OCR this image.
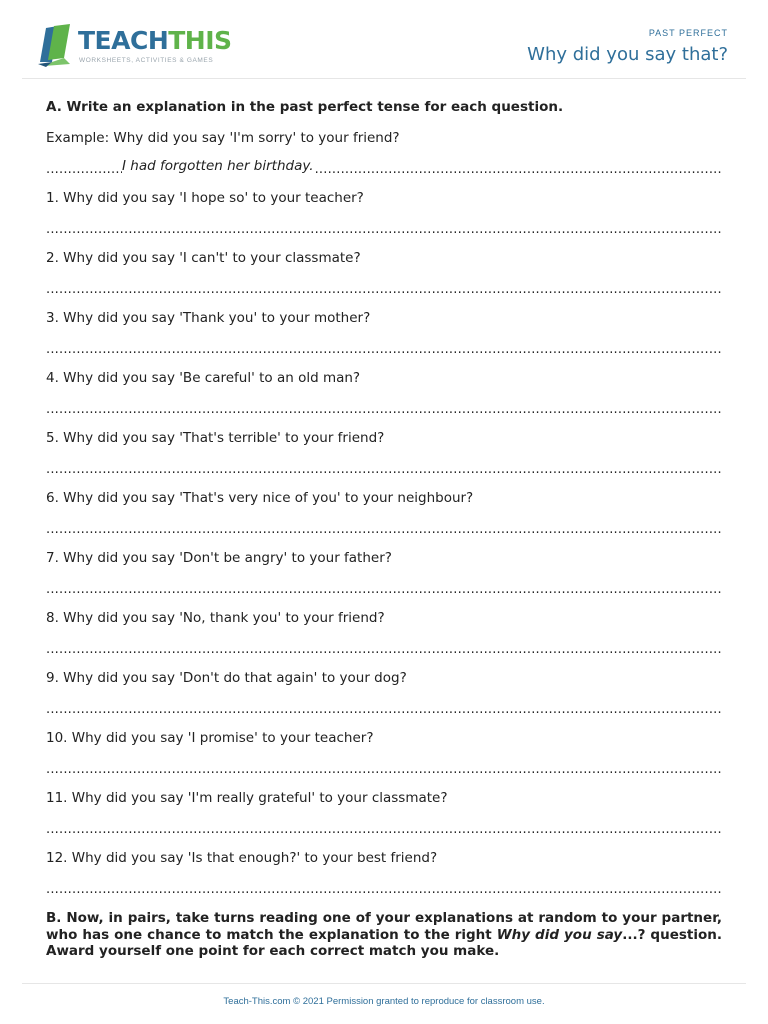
TEACHTHIS
WORKSHEETS, ACTIVITIES & GAMES
PAST PERFECT
Why did you say that?
A. Write an explanation in the past perfect tense for each question.
Example: Why did you say 'I'm sorry' to your friend?
.....
I had forgotten her birthday.
1. Why did you say 'I hope so' to your teacher?
.....
2. Why did you say 'I can't' to your classmate?
.....
3. Why did you say 'Thank you' to your mother?
.....
4. Why did you say 'Be careful' to an old man?
.....
5. Why did you say 'That's terrible' to your friend?
.....
6. Why did you say 'That's very nice of you' to your neighbour?
.....
7. Why did you say 'Don't be angry' to your father?
.....
8. Why did you say 'No, thank you' to your friend?
.....
9. Why did you say 'Don't do that again' to your dog?
.....
10. Why did you say 'I promise' to your teacher?
.....
11. Why did you say 'I'm really grateful' to your classmate?
.....
12. Why did you say 'Is that enough?' to your best friend?
.....
B. Now, in pairs, take turns reading one of your explanations at random to your partner, who has one chance to match the explanation to the right Why did you say...? question. Award yourself one point for each correct match you make.
Teach-This.com © 2021 Permission granted to reproduce for classroom use.
